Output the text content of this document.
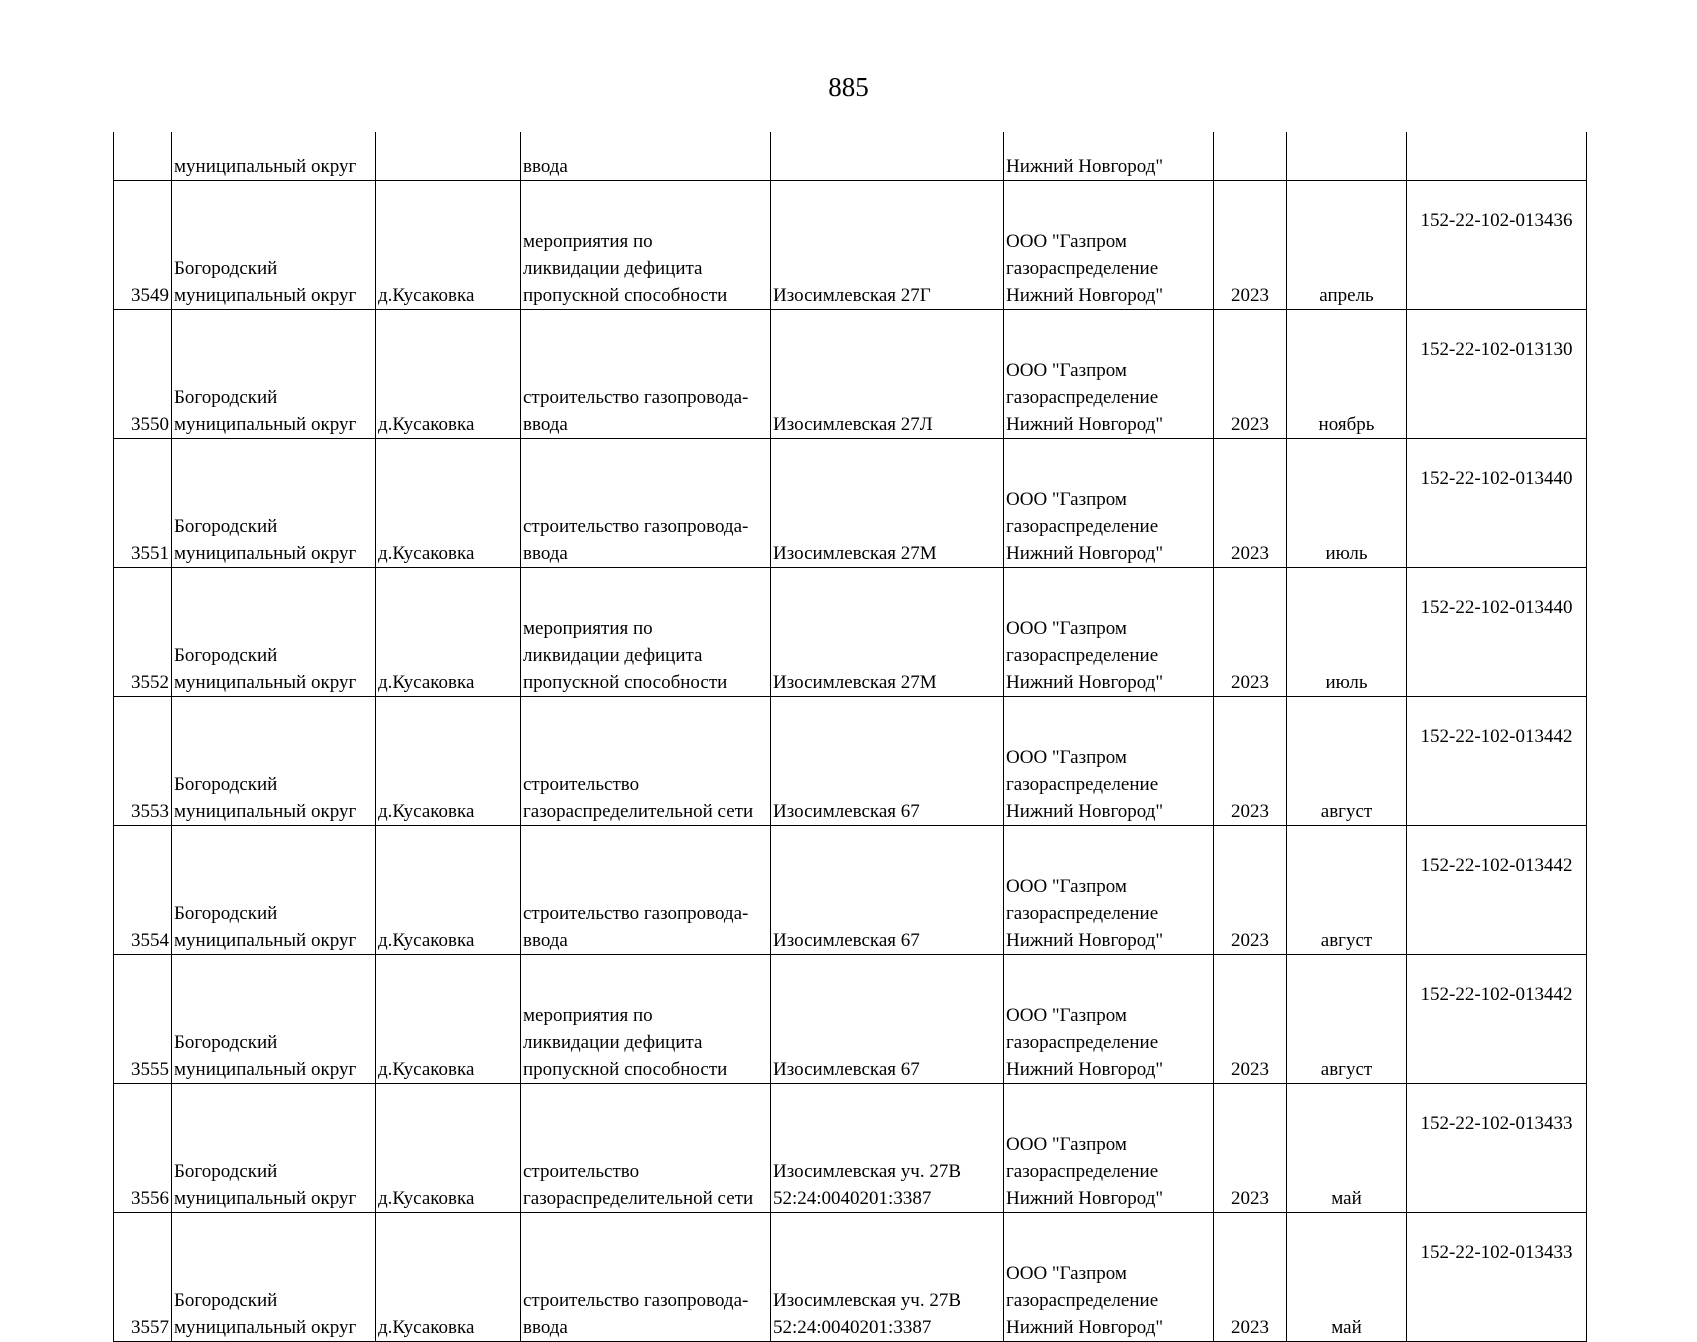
885
	муниципальный округ		ввода		Нижний Новгород"			
3549	Богородский
муниципальный округ	д.Кусаковка	мероприятия по
ликвидации дефицита
пропускной способности	Изосимлевская 27Г	ООО "Газпром
газораспределение
Нижний Новгород"	2023	апрель	152-22-102-013436
3550	Богородский
муниципальный округ	д.Кусаковка	строительство газопровода-
ввода	Изосимлевская 27Л	ООО "Газпром
газораспределение
Нижний Новгород"	2023	ноябрь	152-22-102-013130
3551	Богородский
муниципальный округ	д.Кусаковка	строительство газопровода-
ввода	Изосимлевская 27М	ООО "Газпром
газораспределение
Нижний Новгород"	2023	июль	152-22-102-013440
3552	Богородский
муниципальный округ	д.Кусаковка	мероприятия по
ликвидации дефицита
пропускной способности	Изосимлевская 27М	ООО "Газпром
газораспределение
Нижний Новгород"	2023	июль	152-22-102-013440
3553	Богородский
муниципальный округ	д.Кусаковка	строительство
газораспределительной сети	Изосимлевская 67	ООО "Газпром
газораспределение
Нижний Новгород"	2023	август	152-22-102-013442
3554	Богородский
муниципальный округ	д.Кусаковка	строительство газопровода-
ввода	Изосимлевская 67	ООО "Газпром
газораспределение
Нижний Новгород"	2023	август	152-22-102-013442
3555	Богородский
муниципальный округ	д.Кусаковка	мероприятия по
ликвидации дефицита
пропускной способности	Изосимлевская 67	ООО "Газпром
газораспределение
Нижний Новгород"	2023	август	152-22-102-013442
3556	Богородский
муниципальный округ	д.Кусаковка	строительство
газораспределительной сети	Изосимлевская уч. 27В
52:24:0040201:3387	ООО "Газпром
газораспределение
Нижний Новгород"	2023	май	152-22-102-013433
3557	Богородский
муниципальный округ	д.Кусаковка	строительство газопровода-
ввода	Изосимлевская уч. 27В
52:24:0040201:3387	ООО "Газпром
газораспределение
Нижний Новгород"	2023	май	152-22-102-013433
